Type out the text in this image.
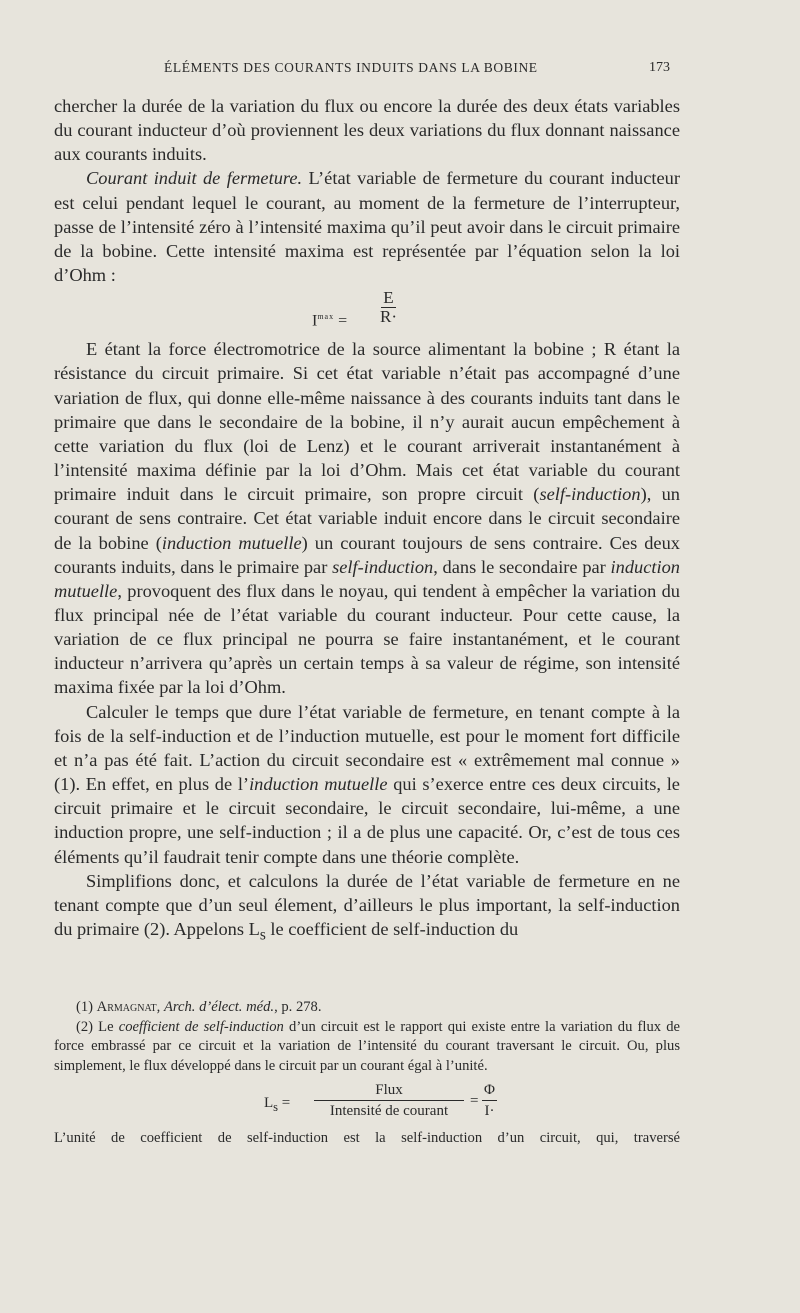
ÉLÉMENTS DES COURANTS INDUITS DANS LA BOBINE	173

chercher la durée de la variation du flux ou encore la durée des deux états variables du courant inducteur d’où proviennent les deux variations du flux donnant naissance aux courants induits.

Courant induit de fermeture. L’état variable de fermeture du courant inducteur est celui pendant lequel le courant, au moment de la fermeture de l’interrupteur, passe de l’intensité zéro à l’intensité maxima qu’il peut avoir dans le circuit primaire de la bobine. Cette intensité maxima est représentée par l’équation selon la loi d’Ohm :

$I^{max} = \frac{E}{R\cdot}$

E étant la force électromotrice de la source alimentant la bobine ; R étant la résistance du circuit primaire. Si cet état variable n’était pas accompagné d’une variation de flux, qui donne elle-même naissance à des courants induits tant dans le primaire que dans le secondaire de la bobine, il n’y aurait aucun empêchement à cette variation du flux (loi de Lenz) et le courant arriverait instantanément à l’intensité maxima définie par la loi d’Ohm. Mais cet état variable du courant primaire induit dans le circuit primaire, son propre circuit (self-induction), un courant de sens contraire. Cet état variable induit encore dans le circuit secondaire de la bobine (induction mutuelle) un courant toujours de sens contraire. Ces deux courants induits, dans le primaire par self-induction, dans le secondaire par induction mutuelle, provoquent des flux dans le noyau, qui tendent à empêcher la variation du flux principal née de l’état variable du courant inducteur. Pour cette cause, la variation de ce flux principal ne pourra se faire instantanément, et le courant inducteur n’arrivera qu’après un certain temps à sa valeur de régime, son intensité maxima fixée par la loi d’Ohm.

Calculer le temps que dure l’état variable de fermeture, en tenant compte à la fois de la self-induction et de l’induction mutuelle, est pour le moment fort difficile et n’a pas été fait. L’action du circuit secondaire est « extrêmement mal connue » (1). En effet, en plus de l’induction mutuelle qui s’exerce entre ces deux circuits, le circuit primaire et le circuit secondaire, le circuit secondaire, lui-même, a une induction propre, une self-induction ; il a de plus une capacité. Or, c’est de tous ces éléments qu’il faudrait tenir compte dans une théorie complète.

Simplifions donc, et calculons la durée de l’état variable de fermeture en ne tenant compte que d’un seul élement, d’ailleurs le plus important, la self-induction du primaire (2). Appelons $L_s$ le coefficient de self-induction du

(1) Armagnat, Arch. d’élect. méd., p. 278.

(2) Le coefficient de self-induction d’un circuit est le rapport qui existe entre la variation du flux de force embrassé par ce circuit et la variation de l’intensité du courant traversant le circuit. Ou, plus simplement, le flux développé dans le circuit par un courant égal à l’unité.

$L_s$ =
Flux
Intensité de courant
= $\frac{\Phi}{I\cdot}$
L’unité de coefficient de self-induction est la self-induction d’un circuit, qui, traversé
